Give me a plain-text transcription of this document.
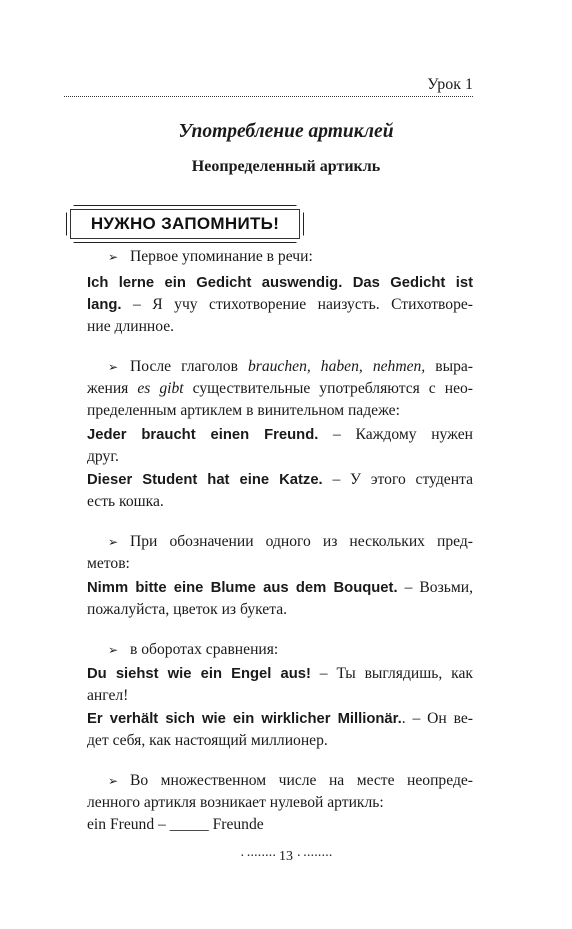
Урок 1
Употребление артиклей
Неопределенный артикль
НУЖНО ЗАПОМНИТЬ!
➢ Первое упоминание в речи:
Ich lerne ein Gedicht auswendig. Das Gedicht ist
lang. – Я учу стихотворение наизусть. Стихотворе-
ние длинное.
➢ После глаголов brauchen, haben, nehmen, выра-
жения es gibt существительные употребляются с нео-
пределенным артиклем в винительном падеже:
Jeder braucht einen Freund. – Каждому нужен
друг.
Dieser Student hat eine Katze. – У этого студента
есть кошка.
➢ При обозначении одного из нескольких пред-
метов:
Nimm bitte eine Blume aus dem Bouquet. – Возьми,
пожалуйста, цветок из букета.
➢ в оборотах сравнения:
Du siehst wie ein Engel aus! – Ты выглядишь, как
ангел!
Er verhält sich wie ein wirklicher Millionär.. – Он ве-
дет себя, как настоящий миллионер.
➢ Во множественном числе на месте неопреде-
ленного артикля возникает нулевой артикль:
ein Freund – _____ Freunde
· ········ 13 · ········
